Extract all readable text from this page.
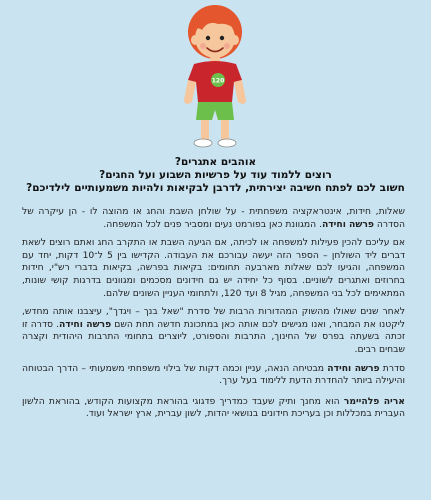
120
אוהבים אתגרים?
רוצים ללמוד עוד על פרשיות השבוע ועל החגים?
חשוב לכם לפתח חשיבה יצירתית, לדרבן לבקיאות ולהיות משמעותיים לילדיכם?

שאלות, חידות, אינטראקציה משפחתית - על שולחן השבת והחג או מהוצה לו - הן עיקרה של הסדרה פרשה וחידה. המגוונת כאן בפורמט נעים ומסביר פנים לכל המשפחה.

אם עליכם להכין פעילות למשפחה או לכיתה, אם הגיעה השבת או התקרב החג ואתם רוצים לשאת דברים ליד השולחן – הספר הזה יעשה עבורכם את העבודה. הקדישו בין 5 ל־10 דקות, יחד עם המשפחה, והגיעו לכם שאלות מארבעה תחומים: בקיאות בפרשה, בקיאות בדברי רש"י, חידות בחרוזים ואתגרים לשוניים. בסוף כל יחידה יש גם חידונים מסכמים ומגוונים בדרגות קושי שונות, המתאימים לכל בני המשפחה, מגיל 8 ועד 120, ולתחומי העניין השונים שלהם.

לאחר שנים שאולו מהשוק המהדורות הרבות של סדרת "שאל בנך – ויגדך", עיצבנו אותה מחדש, ליקטנו את המבחר, ואנו מגישים לכם אותה כאן במתכונת חדשה תחת השם פרשה וחידה. סדרה זו זכתה בשעתה בפרס של החינוך, התרבות והספורט, ליוצרים בתחומי התרבות היהודית וקצרה שבחים רבים.

סדרת פרשה וחידה מבטיחה הנאה, עניין וכמה דקות של בילוי משפחתי משמעותי – הדרך הבטוחה והיעילה ביותר להחדרת הדעת ללימוד בעל ערך.

אריה פלהיימר הוא מחנך ותיק שעבד כמדריך פדגוגי בהוראת מקצועות הקודש, בהוראת הלשון העברית במכללות וכן בעריכת חידונים בנושאי יהדות, לשון עברית, ארץ ישראל ועוד.
